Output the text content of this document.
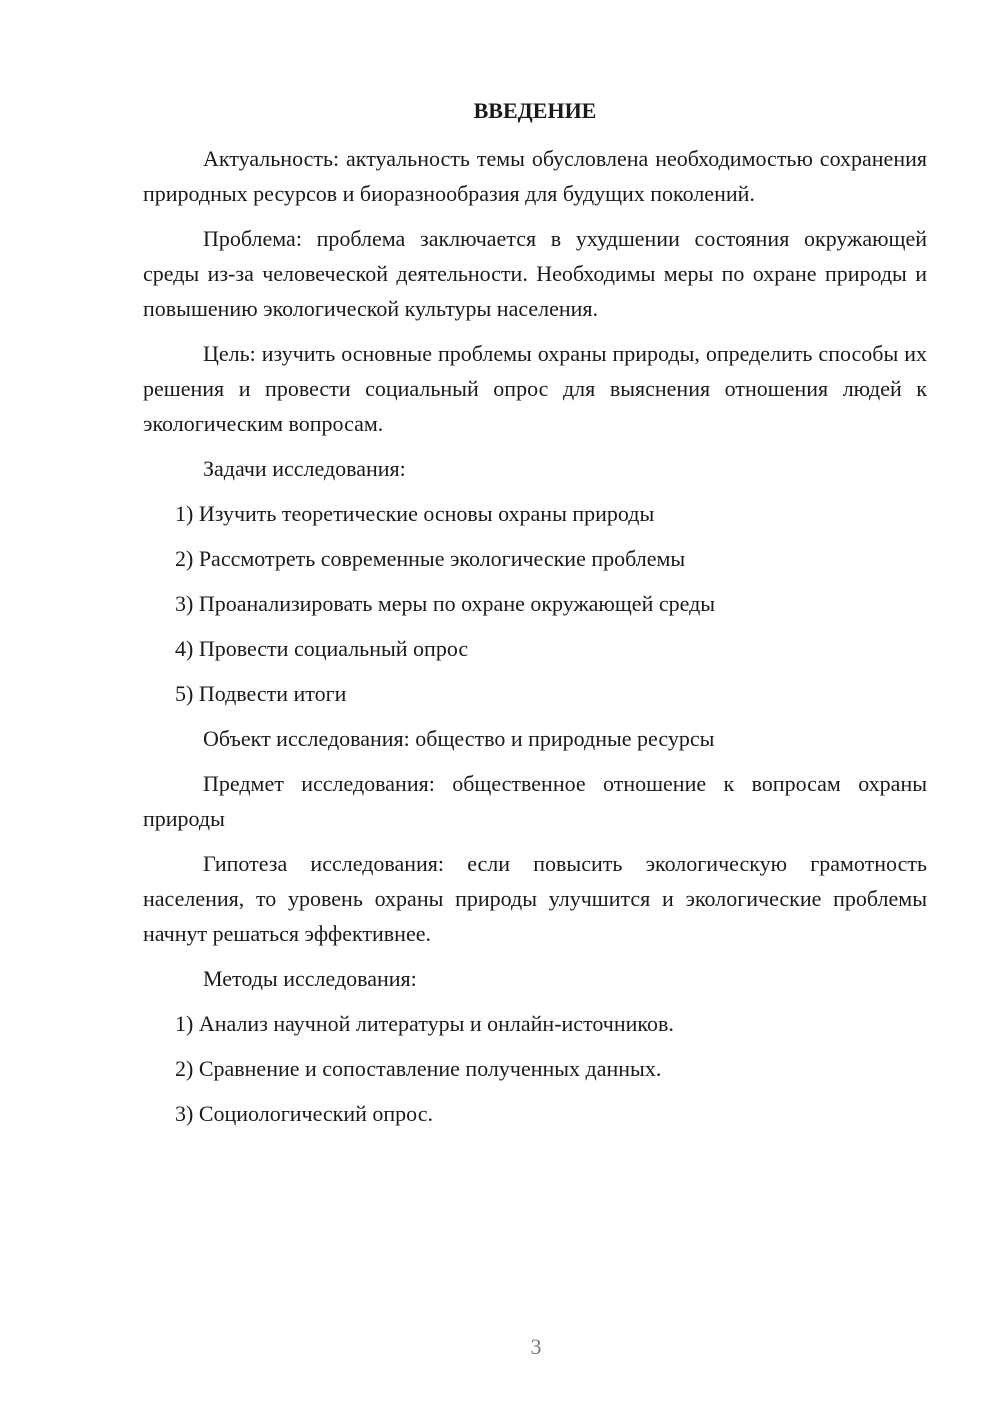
ВВЕДЕНИЕ

Актуальность: актуальность темы обусловлена необходимостью сохранения природных ресурсов и биоразнообразия для будущих поколений.

Проблема: проблема заключается в ухудшении состояния окружающей среды из-за человеческой деятельности. Необходимы меры по охране природы и повышению экологической культуры населения.

Цель: изучить основные проблемы охраны природы, определить способы их решения и провести социальный опрос для выяснения отношения людей к экологическим вопросам.

Задачи исследования:

1) Изучить теоретические основы охраны природы
2) Рассмотреть современные экологические проблемы
3) Проанализировать меры по охране окружающей среды
4) Провести социальный опрос
5) Подвести итоги

Объект исследования: общество и природные ресурсы

Предмет исследования: общественное отношение к вопросам охраны природы

Гипотеза исследования: если повысить экологическую грамотность населения, то уровень охраны природы улучшится и экологические проблемы начнут решаться эффективнее.

Методы исследования:

1) Анализ научной литературы и онлайн-источников.
2) Сравнение и сопоставление полученных данных.
3) Социологический опрос.
3
